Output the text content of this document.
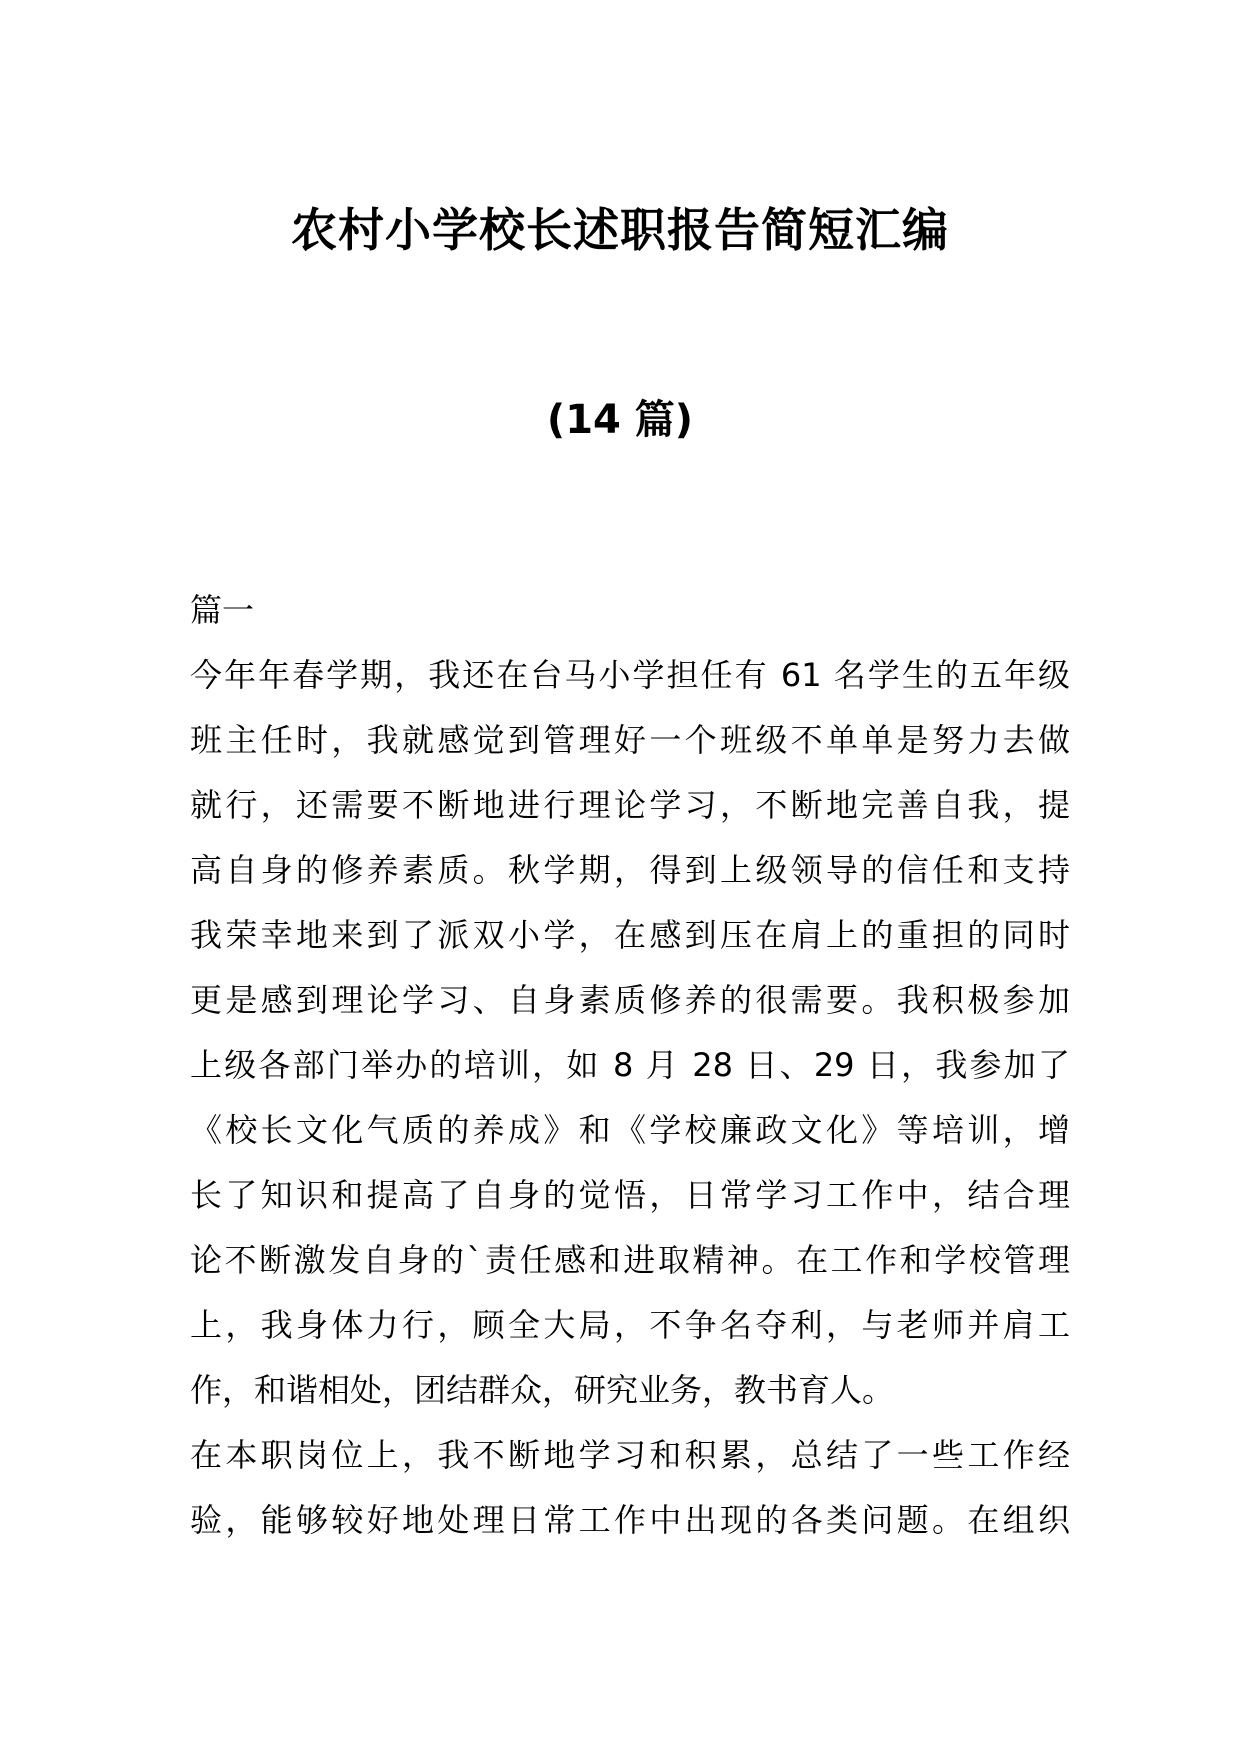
农村小学校长述职报告简短汇编
(14 篇)
篇一
今年年春学期，我还在台马小学担任有 61 名学生的五年级
班主任时，我就感觉到管理好一个班级不单单是努力去做
就行，还需要不断地进行理论学习，不断地完善自我，提
高自身的修养素质。秋学期，得到上级领导的信任和支持
我荣幸地来到了派双小学，在感到压在肩上的重担的同时
更是感到理论学习、自身素质修养的很需要。我积极参加
上级各部门举办的培训，如 8 月 28 日、29 日，我参加了
《校长文化气质的养成》和《学校廉政文化》等培训，增
长了知识和提高了自身的觉悟，日常学习工作中，结合理
论不断激发自身的`责任感和进取精神。在工作和学校管理
上，我身体力行，顾全大局，不争名夺利，与老师并肩工
作，和谐相处，团结群众，研究业务，教书育人。
在本职岗位上，我不断地学习和积累，总结了一些工作经
验，能够较好地处理日常工作中出现的各类问题。在组织
